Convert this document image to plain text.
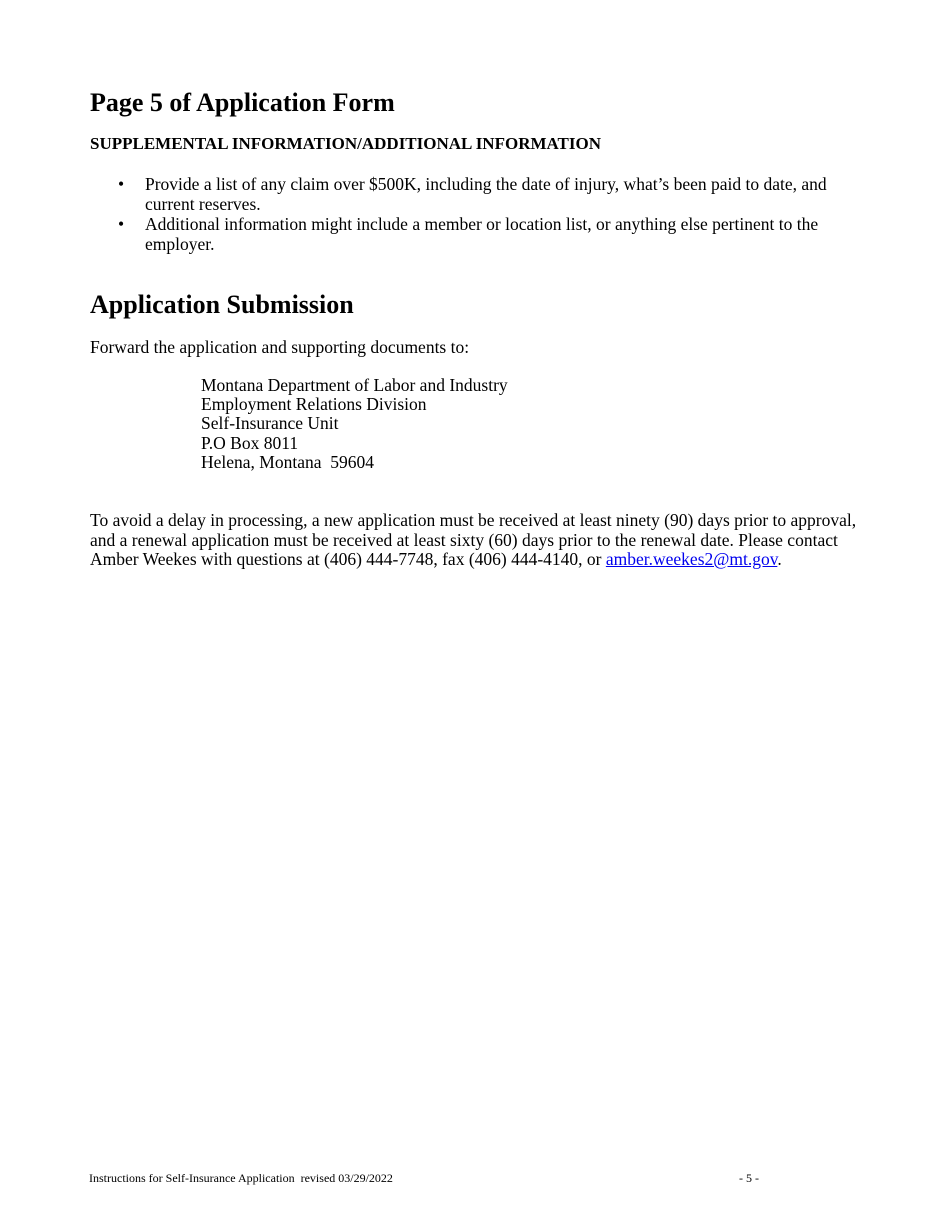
Page 5 of Application Form
SUPPLEMENTAL INFORMATION/ADDITIONAL INFORMATION
• Provide a list of any claim over $500K, including the date of injury, what’s been paid to date, and current reserves.
• Additional information might include a member or location list, or anything else pertinent to the employer.
Application Submission

Forward the application and supporting documents to:

Montana Department of Labor and Industry
Employment Relations Division
Self-Insurance Unit
P.O Box 8011
Helena, Montana  59604

To avoid a delay in processing, a new application must be received at least ninety (90) days prior to approval, and a renewal application must be received at least sixty (60) days prior to the renewal date. Please contact Amber Weekes with questions at (406) 444-7748, fax (406) 444-4140, or amber.weekes2@mt.gov.

Instructions for Self-Insurance Application  revised 03/29/2022	- 5 -
